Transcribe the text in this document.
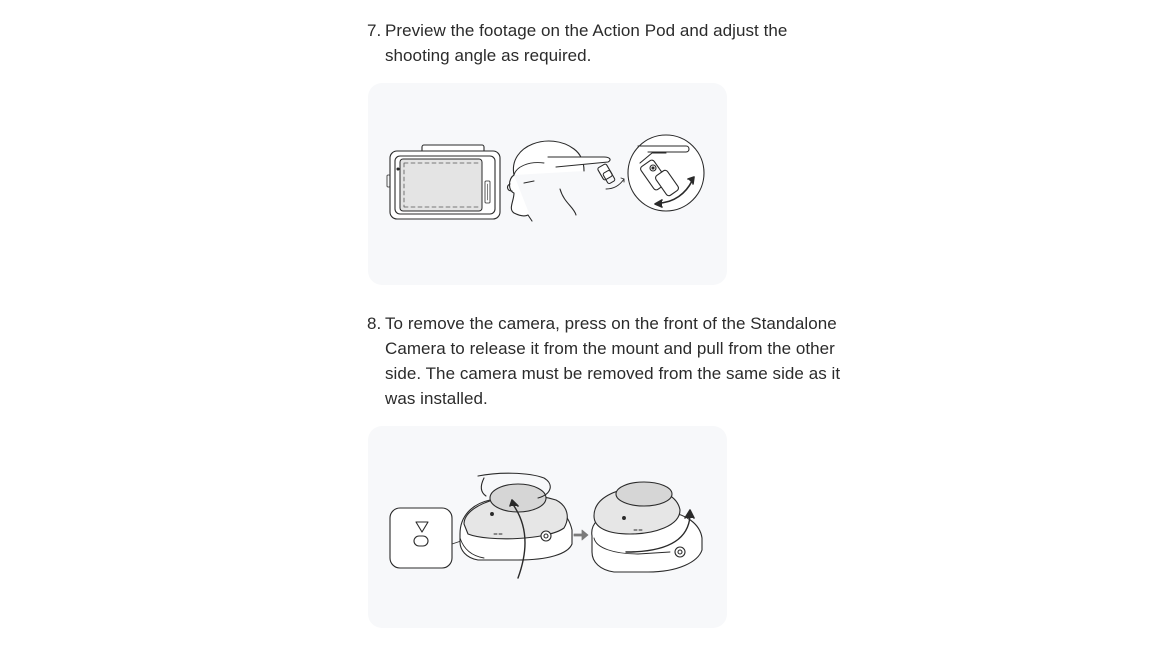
7. Preview the footage on the Action Pod and adjust the
shooting angle as required.
8. To remove the camera, press on the front of the Standalone
Camera to release it from the mount and pull from the other
side. The camera must be removed from the same side as it
was installed.
